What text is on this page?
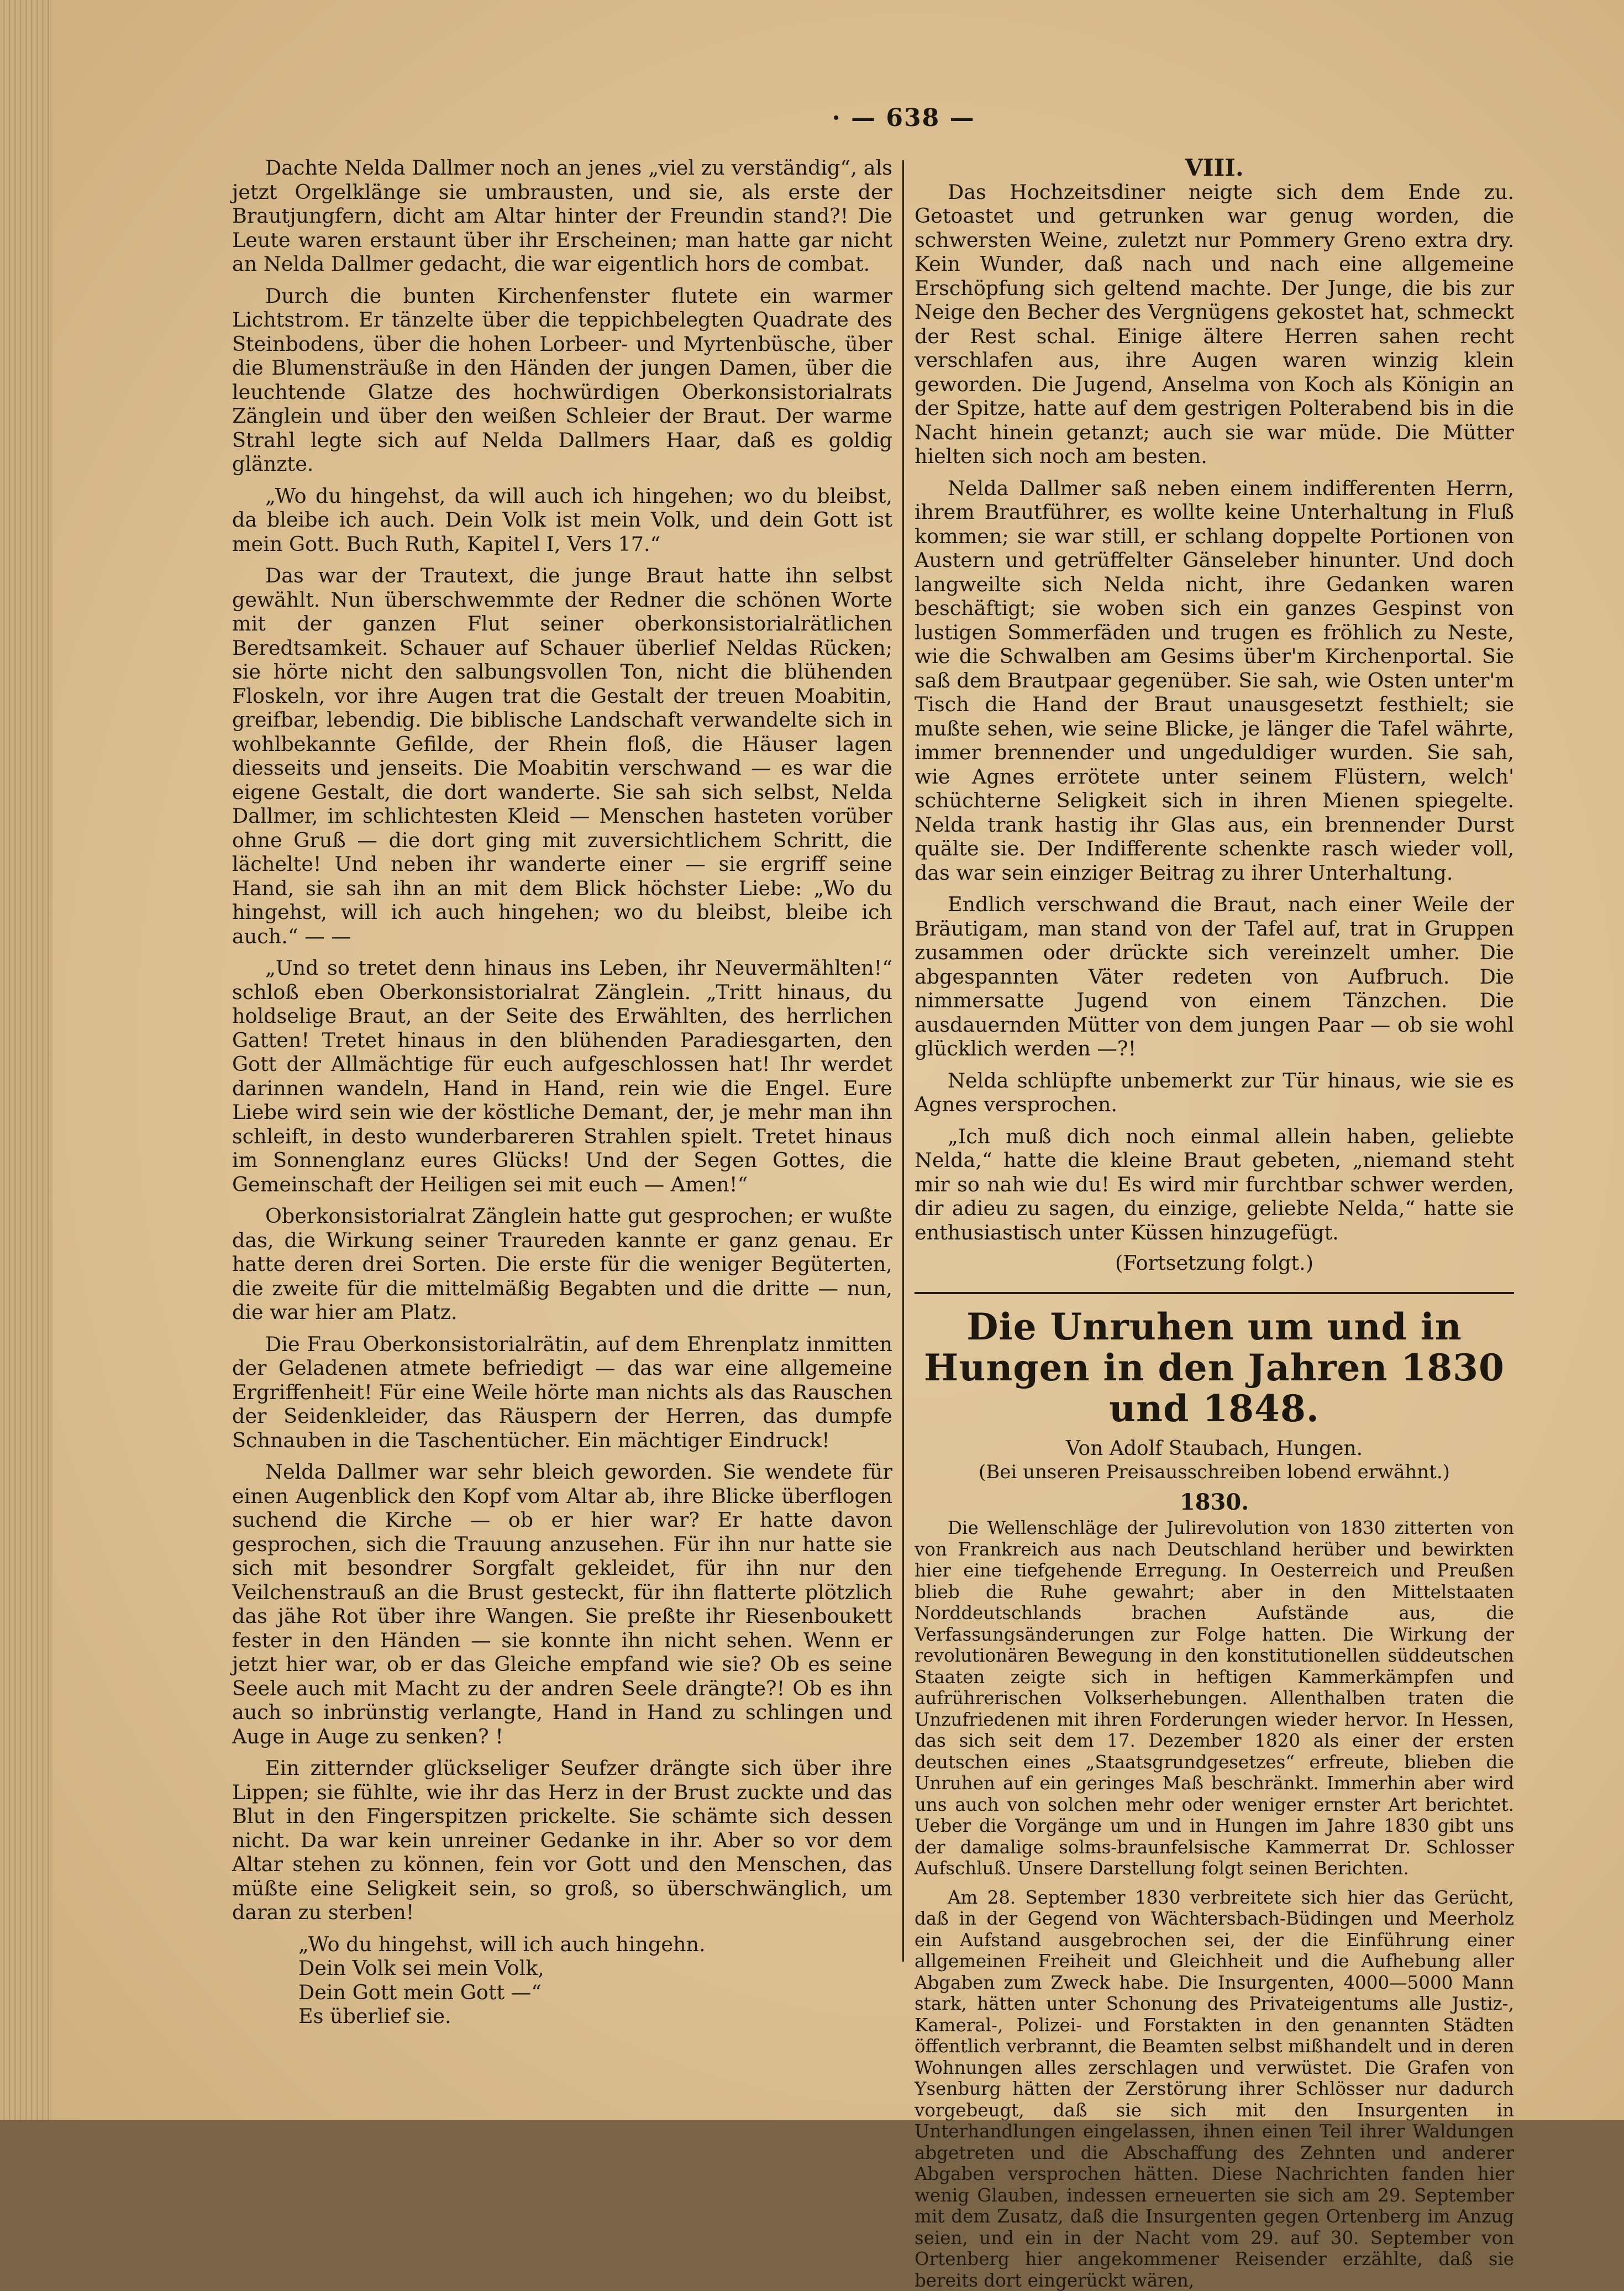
· — 638 —

Dachte Nelda Dallmer noch an jenes „viel zu verständig“, als jetzt Orgelklänge sie umbrausten, und sie, als erste der Brautjungfern, dicht am Altar hinter der Freundin stand?! Die Leute waren erstaunt über ihr Erscheinen; man hatte gar nicht an Nelda Dallmer gedacht, die war eigentlich hors de combat.

Durch die bunten Kirchenfenster flutete ein warmer Lichtstrom. Er tänzelte über die teppichbelegten Quadrate des Steinbodens, über die hohen Lorbeer- und Myrtenbüsche, über die Blumensträuße in den Händen der jungen Damen, über die leuchtende Glatze des hochwürdigen Oberkonsistorialrats Zänglein und über den weißen Schleier der Braut. Der warme Strahl legte sich auf Nelda Dallmers Haar, daß es goldig glänzte.

„Wo du hingehst, da will auch ich hingehen; wo du bleibst, da bleibe ich auch. Dein Volk ist mein Volk, und dein Gott ist mein Gott. Buch Ruth, Kapitel I, Vers 17.“

Das war der Trautext, die junge Braut hatte ihn selbst gewählt. Nun überschwemmte der Redner die schönen Worte mit der ganzen Flut seiner oberkonsistorialrätlichen Beredtsamkeit. Schauer auf Schauer überlief Neldas Rücken; sie hörte nicht den salbungsvollen Ton, nicht die blühenden Floskeln, vor ihre Augen trat die Gestalt der treuen Moabitin, greifbar, lebendig. Die biblische Landschaft verwandelte sich in wohlbekannte Gefilde, der Rhein floß, die Häuser lagen diesseits und jenseits. Die Moabitin verschwand — es war die eigene Gestalt, die dort wanderte. Sie sah sich selbst, Nelda Dallmer, im schlichtesten Kleid — Menschen hasteten vorüber ohne Gruß — die dort ging mit zuversichtlichem Schritt, die lächelte! Und neben ihr wanderte einer — sie ergriff seine Hand, sie sah ihn an mit dem Blick höchster Liebe: „Wo du hingehst, will ich auch hingehen; wo du bleibst, bleibe ich auch.“ — —

„Und so tretet denn hinaus ins Leben, ihr Neuvermählten!“ schloß eben Oberkonsistorialrat Zänglein. „Tritt hinaus, du holdselige Braut, an der Seite des Erwählten, des herrlichen Gatten! Tretet hinaus in den blühenden Paradiesgarten, den Gott der Allmächtige für euch aufgeschlossen hat! Ihr werdet darinnen wandeln, Hand in Hand, rein wie die Engel. Eure Liebe wird sein wie der köstliche Demant, der, je mehr man ihn schleift, in desto wunderbareren Strahlen spielt. Tretet hinaus im Sonnenglanz eures Glücks! Und der Segen Gottes, die Gemeinschaft der Heiligen sei mit euch — Amen!“

Oberkonsistorialrat Zänglein hatte gut gesprochen; er wußte das, die Wirkung seiner Traureden kannte er ganz genau. Er hatte deren drei Sorten. Die erste für die weniger Begüterten, die zweite für die mittelmäßig Begabten und die dritte — nun, die war hier am Platz.

Die Frau Oberkonsistorialrätin, auf dem Ehrenplatz inmitten der Geladenen atmete befriedigt — das war eine allgemeine Ergriffenheit! Für eine Weile hörte man nichts als das Rauschen der Seidenkleider, das Räuspern der Herren, das dumpfe Schnauben in die Taschentücher. Ein mächtiger Eindruck!

Nelda Dallmer war sehr bleich geworden. Sie wendete für einen Augenblick den Kopf vom Altar ab, ihre Blicke überflogen suchend die Kirche — ob er hier war? Er hatte davon gesprochen, sich die Trauung anzusehen. Für ihn nur hatte sie sich mit besondrer Sorgfalt gekleidet, für ihn nur den Veilchenstrauß an die Brust gesteckt, für ihn flatterte plötzlich das jähe Rot über ihre Wangen. Sie preßte ihr Riesenboukett fester in den Händen — sie konnte ihn nicht sehen. Wenn er jetzt hier war, ob er das Gleiche empfand wie sie? Ob es seine Seele auch mit Macht zu der andren Seele drängte?! Ob es ihn auch so inbrünstig verlangte, Hand in Hand zu schlingen und Auge in Auge zu senken? !

Ein zitternder glückseliger Seufzer drängte sich über ihre Lippen; sie fühlte, wie ihr das Herz in der Brust zuckte und das Blut in den Fingerspitzen prickelte. Sie schämte sich dessen nicht. Da war kein unreiner Gedanke in ihr. Aber so vor dem Altar stehen zu können, fein vor Gott und den Menschen, das müßte eine Seligkeit sein, so groß, so überschwänglich, um daran zu sterben!

„Wo du hingehst, will ich auch hingehn.

Dein Volk sei mein Volk,

Dein Gott mein Gott —“

Es überlief sie.

VIII.

Das Hochzeitsdiner neigte sich dem Ende zu. Getoastet und getrunken war genug worden, die schwersten Weine, zuletzt nur Pommery Greno extra dry. Kein Wunder, daß nach und nach eine allgemeine Erschöpfung sich geltend machte. Der Junge, die bis zur Neige den Becher des Vergnügens gekostet hat, schmeckt der Rest schal. Einige ältere Herren sahen recht verschlafen aus, ihre Augen waren winzig klein geworden. Die Jugend, Anselma von Koch als Königin an der Spitze, hatte auf dem gestrigen Polterabend bis in die Nacht hinein getanzt; auch sie war müde. Die Mütter hielten sich noch am besten.

Nelda Dallmer saß neben einem indifferenten Herrn, ihrem Brautführer, es wollte keine Unterhaltung in Fluß kommen; sie war still, er schlang doppelte Portionen von Austern und getrüffelter Gänseleber hinunter. Und doch langweilte sich Nelda nicht, ihre Gedanken waren beschäftigt; sie woben sich ein ganzes Gespinst von lustigen Sommerfäden und trugen es fröhlich zu Neste, wie die Schwalben am Gesims über'm Kirchenportal. Sie saß dem Brautpaar gegenüber. Sie sah, wie Osten unter'm Tisch die Hand der Braut unausgesetzt festhielt; sie mußte sehen, wie seine Blicke, je länger die Tafel währte, immer brennender und ungeduldiger wurden. Sie sah, wie Agnes errötete unter seinem Flüstern, welch' schüchterne Seligkeit sich in ihren Mienen spiegelte. Nelda trank hastig ihr Glas aus, ein brennender Durst quälte sie. Der Indifferente schenkte rasch wieder voll, das war sein einziger Beitrag zu ihrer Unterhaltung.

Endlich verschwand die Braut, nach einer Weile der Bräutigam, man stand von der Tafel auf, trat in Gruppen zusammen oder drückte sich vereinzelt umher. Die abgespannten Väter redeten von Aufbruch. Die nimmersatte Jugend von einem Tänzchen. Die ausdauernden Mütter von dem jungen Paar — ob sie wohl glücklich werden —?!

Nelda schlüpfte unbemerkt zur Tür hinaus, wie sie es Agnes versprochen.

„Ich muß dich noch einmal allein haben, geliebte Nelda,“ hatte die kleine Braut gebeten, „niemand steht mir so nah wie du! Es wird mir furchtbar schwer werden, dir adieu zu sagen, du einzige, geliebte Nelda,“ hatte sie enthusiastisch unter Küssen hinzugefügt.

(Fortsetzung folgt.)

Die Unruhen um und in Hungen in den Jahren 1830 und 1848.
Von Adolf Staubach, Hungen.
(Bei unseren Preisausschreiben lobend erwähnt.)
1830.

Die Wellenschläge der Julirevolution von 1830 zitterten von von Frankreich aus nach Deutschland herüber und bewirkten hier eine tiefgehende Erregung. In Oesterreich und Preußen blieb die Ruhe gewahrt; aber in den Mittelstaaten Norddeutschlands brachen Aufstände aus, die Verfassungsänderungen zur Folge hatten. Die Wirkung der revolutionären Bewegung in den konstitutionellen süddeutschen Staaten zeigte sich in heftigen Kammerkämpfen und aufrührerischen Volkserhebungen. Allenthalben traten die Unzufriedenen mit ihren Forderungen wieder hervor. In Hessen, das sich seit dem 17. Dezember 1820 als einer der ersten deutschen eines „Staatsgrundgesetzes“ erfreute, blieben die Unruhen auf ein geringes Maß beschränkt. Immerhin aber wird uns auch von solchen mehr oder weniger ernster Art berichtet. Ueber die Vorgänge um und in Hungen im Jahre 1830 gibt uns der damalige solms-braunfelsische Kammerrat Dr. Schlosser Aufschluß. Unsere Darstellung folgt seinen Berichten.

Am 28. September 1830 verbreitete sich hier das Gerücht, daß in der Gegend von Wächtersbach-Büdingen und Meerholz ein Aufstand ausgebrochen sei, der die Einführung einer allgemeinen Freiheit und Gleichheit und die Aufhebung aller Abgaben zum Zweck habe. Die Insurgenten, 4000—5000 Mann stark, hätten unter Schonung des Privateigentums alle Justiz-, Kameral-, Polizei- und Forstakten in den genannten Städten öffentlich verbrannt, die Beamten selbst mißhandelt und in deren Wohnungen alles zerschlagen und verwüstet. Die Grafen von Ysenburg hätten der Zerstörung ihrer Schlösser nur dadurch vorgebeugt, daß sie sich mit den Insurgenten in Unterhandlungen eingelassen, ihnen einen Teil ihrer Waldungen abgetreten und die Abschaffung des Zehnten und anderer Abgaben versprochen hätten. Diese Nachrichten fanden hier wenig Glauben, indessen erneuerten sie sich am 29. September mit dem Zusatz, daß die Insurgenten gegen Ortenberg im Anzug seien, und ein in der Nacht vom 29. auf 30. September von Ortenberg hier angekommener Reisender erzählte, daß sie bereits dort eingerückt wären,
